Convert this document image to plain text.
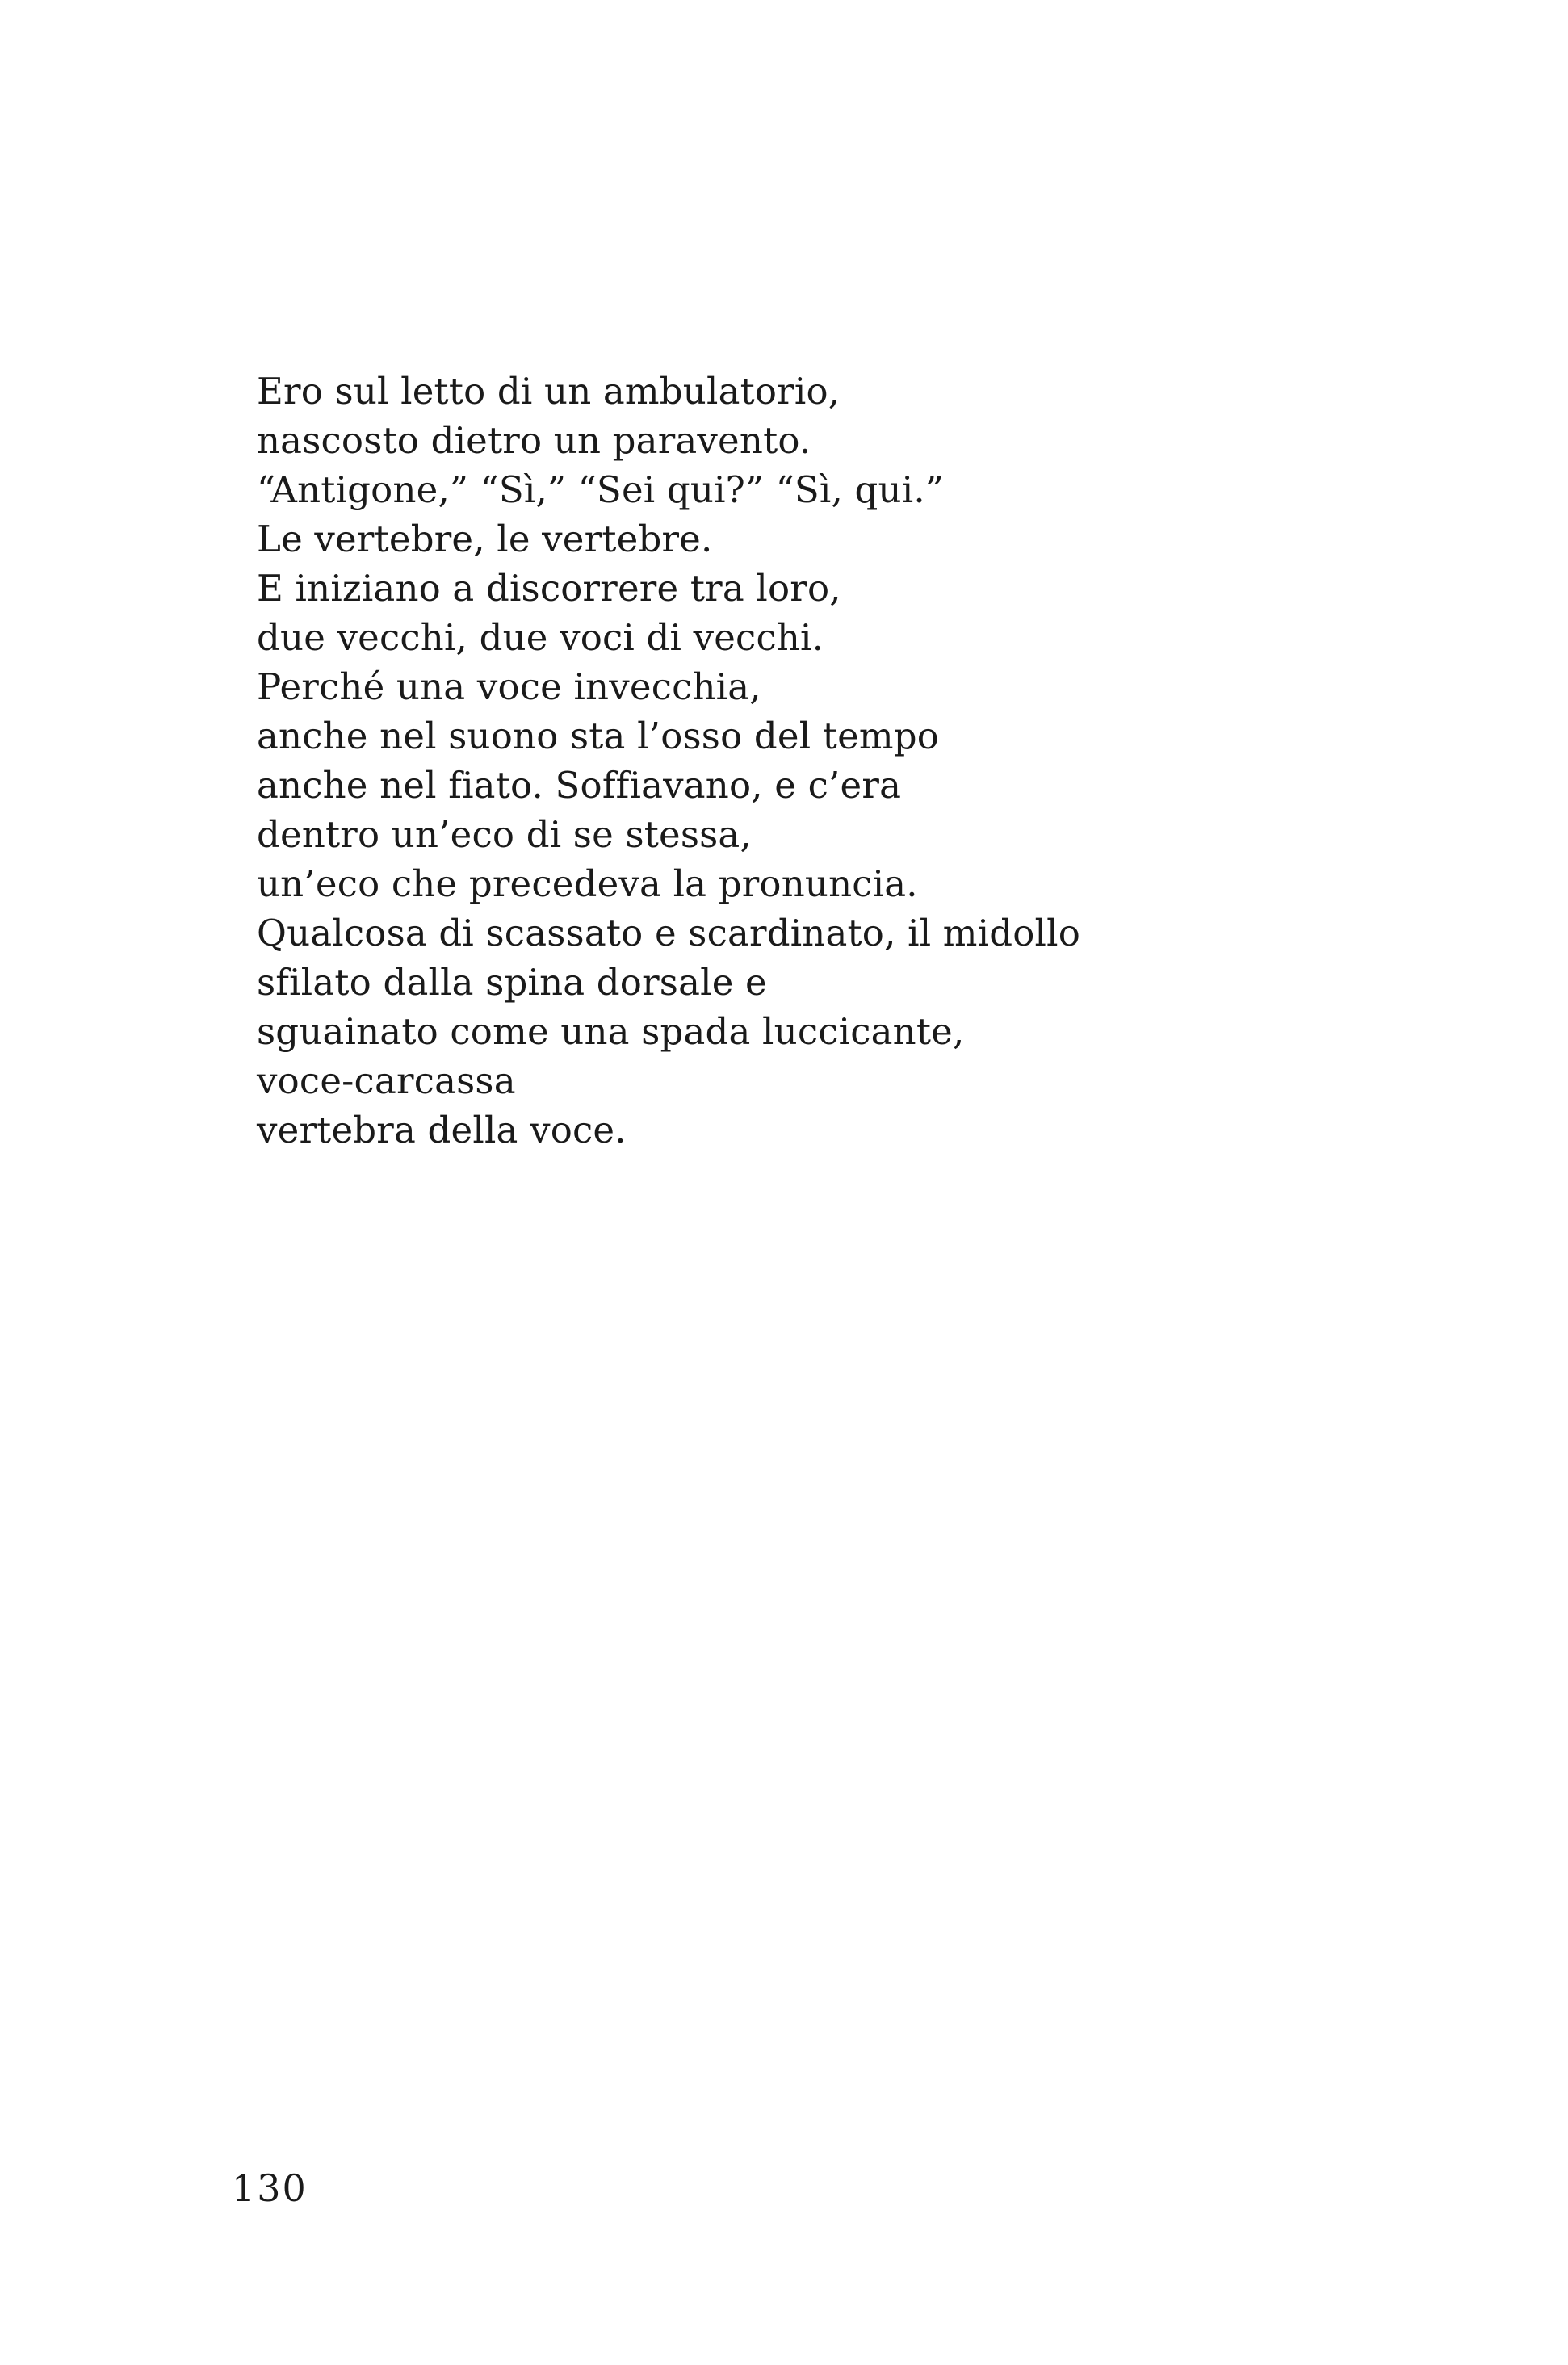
Ero sul letto di un ambulatorio,
nascosto dietro un paravento.
“Antigone,” “Sì,” “Sei qui?” “Sì, qui.”
Le vertebre, le vertebre.
E iniziano a discorrere tra loro,
due vecchi, due voci di vecchi.
Perché una voce invecchia,
anche nel suono sta l’osso del tempo
anche nel fiato. Soffiavano, e c’era
dentro un’eco di se stessa,
un’eco che precedeva la pronuncia.
Qualcosa di scassato e scardinato, il midollo
sfilato dalla spina dorsale e
sguainato come una spada luccicante,
voce-carcassa
vertebra della voce.
130
